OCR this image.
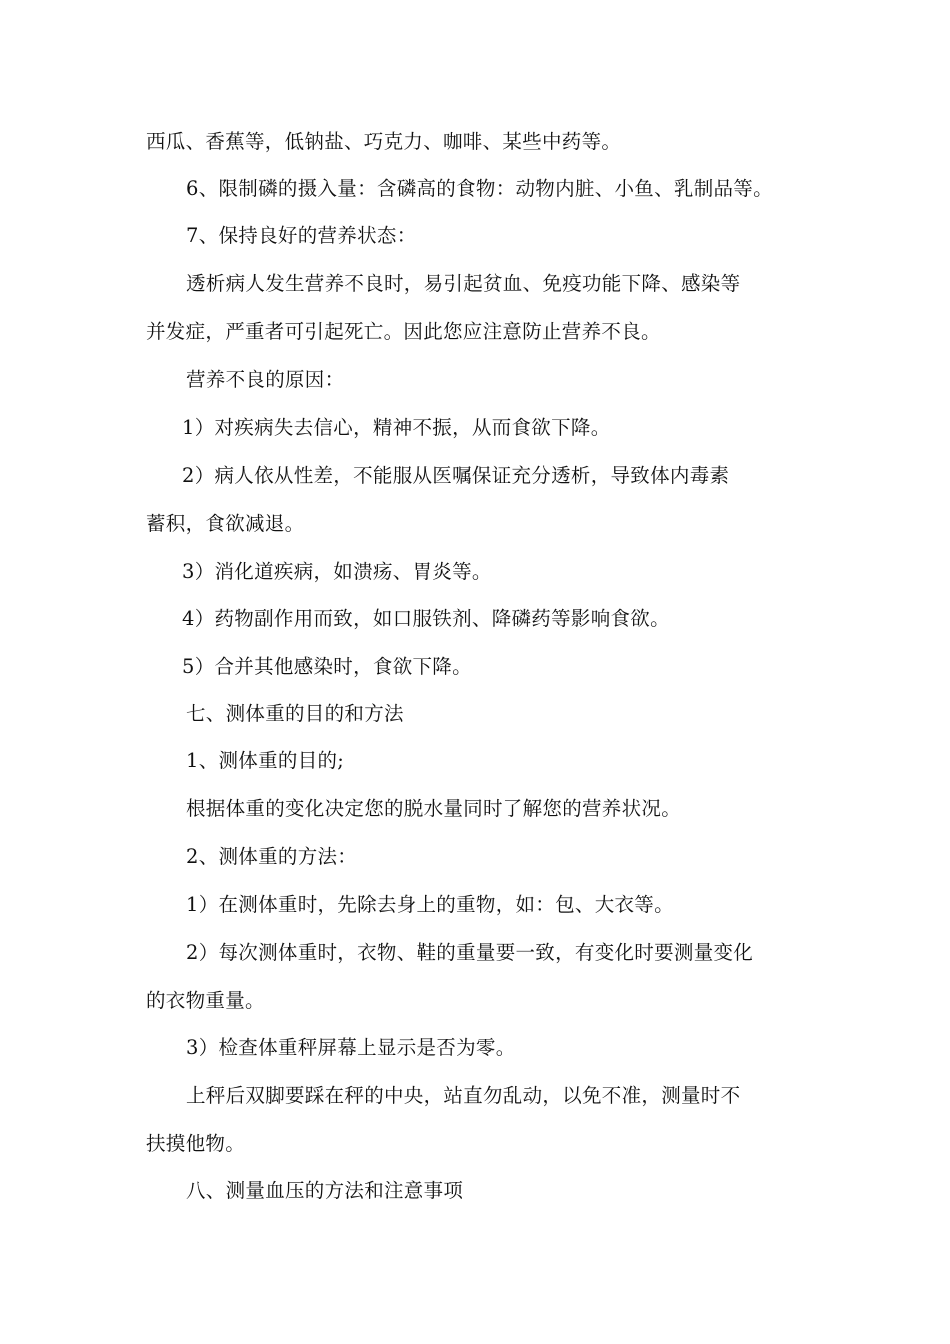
西瓜、香蕉等，低钠盐、巧克力、咖啡、某些中药等。
6、限制磷的摄入量：含磷高的食物：动物内脏、小鱼、乳制品等。
7、保持良好的营养状态：
透析病人发生营养不良时，易引起贫血、免疫功能下降、感染等
并发症，严重者可引起死亡。因此您应注意防止营养不良。
营养不良的原因：
1）对疾病失去信心，精神不振，从而食欲下降。
2）病人依从性差，不能服从医嘱保证充分透析，导致体内毒素
蓄积，食欲减退。
3）消化道疾病，如溃疡、胃炎等。
4）药物副作用而致，如口服铁剂、降磷药等影响食欲。
5）合并其他感染时，食欲下降。
七、测体重的目的和方法
1、测体重的目的;
根据体重的变化决定您的脱水量同时了解您的营养状况。
2、测体重的方法：
1）在测体重时，先除去身上的重物，如：包、大衣等。
2）每次测体重时，衣物、鞋的重量要一致，有变化时要测量变化
的衣物重量。
3）检查体重秤屏幕上显示是否为零。
上秤后双脚要踩在秤的中央，站直勿乱动，以免不准，测量时不
扶摸他物。
八、测量血压的方法和注意事项
